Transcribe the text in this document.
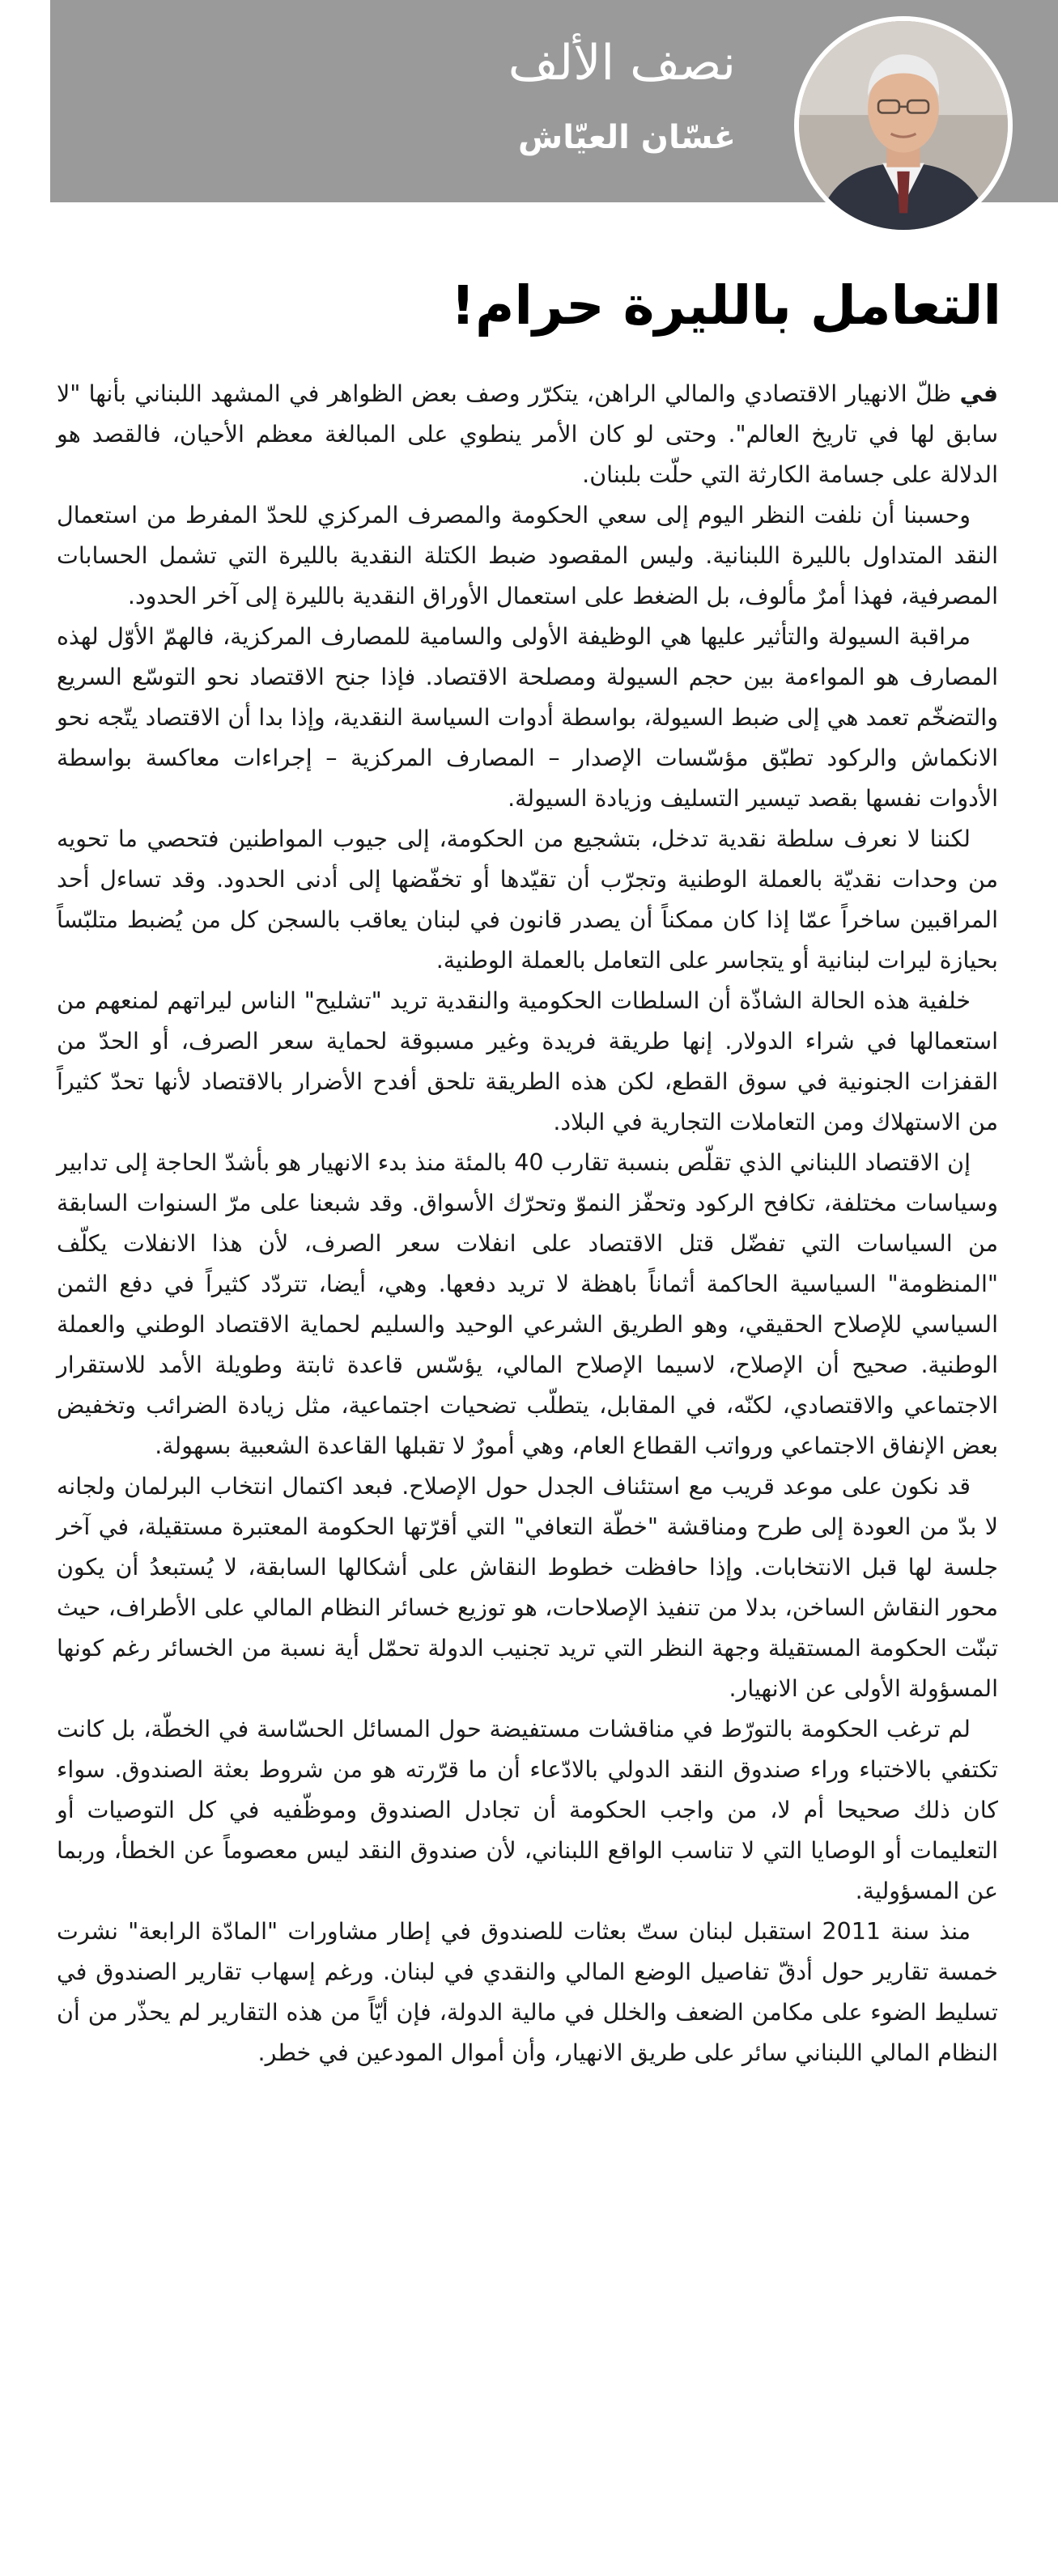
نصف الألف
غسّان العيّاش
التعامل بالليرة حرام!

في ظلّ الانهيار الاقتصادي والمالي الراهن، يتكرّر وصف بعض الظواهر في المشهد اللبناني بأنها "لا سابق لها في تاريخ العالم". وحتى لو كان الأمر ينطوي على المبالغة معظم الأحيان، فالقصد هو الدلالة على جسامة الكارثة التي حلّت بلبنان.

وحسبنا أن نلفت النظر اليوم إلى سعي الحكومة والمصرف المركزي للحدّ المفرط من استعمال النقد المتداول بالليرة اللبنانية. وليس المقصود ضبط الكتلة النقدية بالليرة التي تشمل الحسابات المصرفية، فهذا أمرٌ مألوف، بل الضغط على استعمال الأوراق النقدية بالليرة إلى آخر الحدود.

مراقبة السيولة والتأثير عليها هي الوظيفة الأولى والسامية للمصارف المركزية، فالهمّ الأوّل لهذه المصارف هو المواءمة بين حجم السيولة ومصلحة الاقتصاد. فإذا جنح الاقتصاد نحو التوسّع السريع والتضخّم تعمد هي إلى ضبط السيولة، بواسطة أدوات السياسة النقدية، وإذا بدا أن الاقتصاد يتّجه نحو الانكماش والركود تطبّق مؤسّسات الإصدار – المصارف المركزية – إجراءات معاكسة بواسطة الأدوات نفسها بقصد تيسير التسليف وزيادة السيولة.

لكننا لا نعرف سلطة نقدية تدخل، بتشجيع من الحكومة، إلى جيوب المواطنين فتحصي ما تحويه من وحدات نقديّة بالعملة الوطنية وتجرّب أن تقيّدها أو تخفّضها إلى أدنى الحدود. وقد تساءل أحد المراقبين ساخراً عمّا إذا كان ممكناً أن يصدر قانون في لبنان يعاقب بالسجن كل من يُضبط متلبّساً بحيازة ليرات لبنانية أو يتجاسر على التعامل بالعملة الوطنية.

خلفية هذه الحالة الشاذّة أن السلطات الحكومية والنقدية تريد "تشليح" الناس ليراتهم لمنعهم من استعمالها في شراء الدولار. إنها طريقة فريدة وغير مسبوقة لحماية سعر الصرف، أو الحدّ من القفزات الجنونية في سوق القطع، لكن هذه الطريقة تلحق أفدح الأضرار بالاقتصاد لأنها تحدّ كثيراً من الاستهلاك ومن التعاملات التجارية في البلاد.

إن الاقتصاد اللبناني الذي تقلّص بنسبة تقارب 40 بالمئة منذ بدء الانهيار هو بأشدّ الحاجة إلى تدابير وسياسات مختلفة، تكافح الركود وتحفّز النموّ وتحرّك الأسواق. وقد شبعنا على مرّ السنوات السابقة من السياسات التي تفضّل قتل الاقتصاد على انفلات سعر الصرف، لأن هذا الانفلات يكلّف "المنظومة" السياسية الحاكمة أثماناً باهظة لا تريد دفعها. وهي، أيضا، تتردّد كثيراً في دفع الثمن السياسي للإصلاح الحقيقي، وهو الطريق الشرعي الوحيد والسليم لحماية الاقتصاد الوطني والعملة الوطنية. صحيح أن الإصلاح، لاسيما الإصلاح المالي، يؤسّس قاعدة ثابتة وطويلة الأمد للاستقرار الاجتماعي والاقتصادي، لكنّه، في المقابل، يتطلّب تضحيات اجتماعية، مثل زيادة الضرائب وتخفيض بعض الإنفاق الاجتماعي ورواتب القطاع العام، وهي أمورٌ لا تقبلها القاعدة الشعبية بسهولة.

قد نكون على موعد قريب مع استئناف الجدل حول الإصلاح. فبعد اكتمال انتخاب البرلمان ولجانه لا بدّ من العودة إلى طرح ومناقشة "خطّة التعافي" التي أقرّتها الحكومة المعتبرة مستقيلة، في آخر جلسة لها قبل الانتخابات. وإذا حافظت خطوط النقاش على أشكالها السابقة، لا يُستبعدُ أن يكون محور النقاش الساخن، بدلا من تنفيذ الإصلاحات، هو توزيع خسائر النظام المالي على الأطراف، حيث تبنّت الحكومة المستقيلة وجهة النظر التي تريد تجنيب الدولة تحمّل أية نسبة من الخسائر رغم كونها المسؤولة الأولى عن الانهيار.

لم ترغب الحكومة بالتورّط في مناقشات مستفيضة حول المسائل الحسّاسة في الخطّة، بل كانت تكتفي بالاختباء وراء صندوق النقد الدولي بالادّعاء أن ما قرّرته هو من شروط بعثة الصندوق. سواء كان ذلك صحيحا أم لا، من واجب الحكومة أن تجادل الصندوق وموظّفيه في كل التوصيات أو التعليمات أو الوصايا التي لا تناسب الواقع اللبناني، لأن صندوق النقد ليس معصوماً عن الخطأ، وربما عن المسؤولية.

منذ سنة 2011 استقبل لبنان ستّ بعثات للصندوق في إطار مشاورات "المادّة الرابعة" نشرت خمسة تقارير حول أدقّ تفاصيل الوضع المالي والنقدي في لبنان. ورغم إسهاب تقارير الصندوق في تسليط الضوء على مكامن الضعف والخلل في مالية الدولة، فإن أيّاً من هذه التقارير لم يحذّر من أن النظام المالي اللبناني سائر على طريق الانهيار، وأن أموال المودعين في خطر.
